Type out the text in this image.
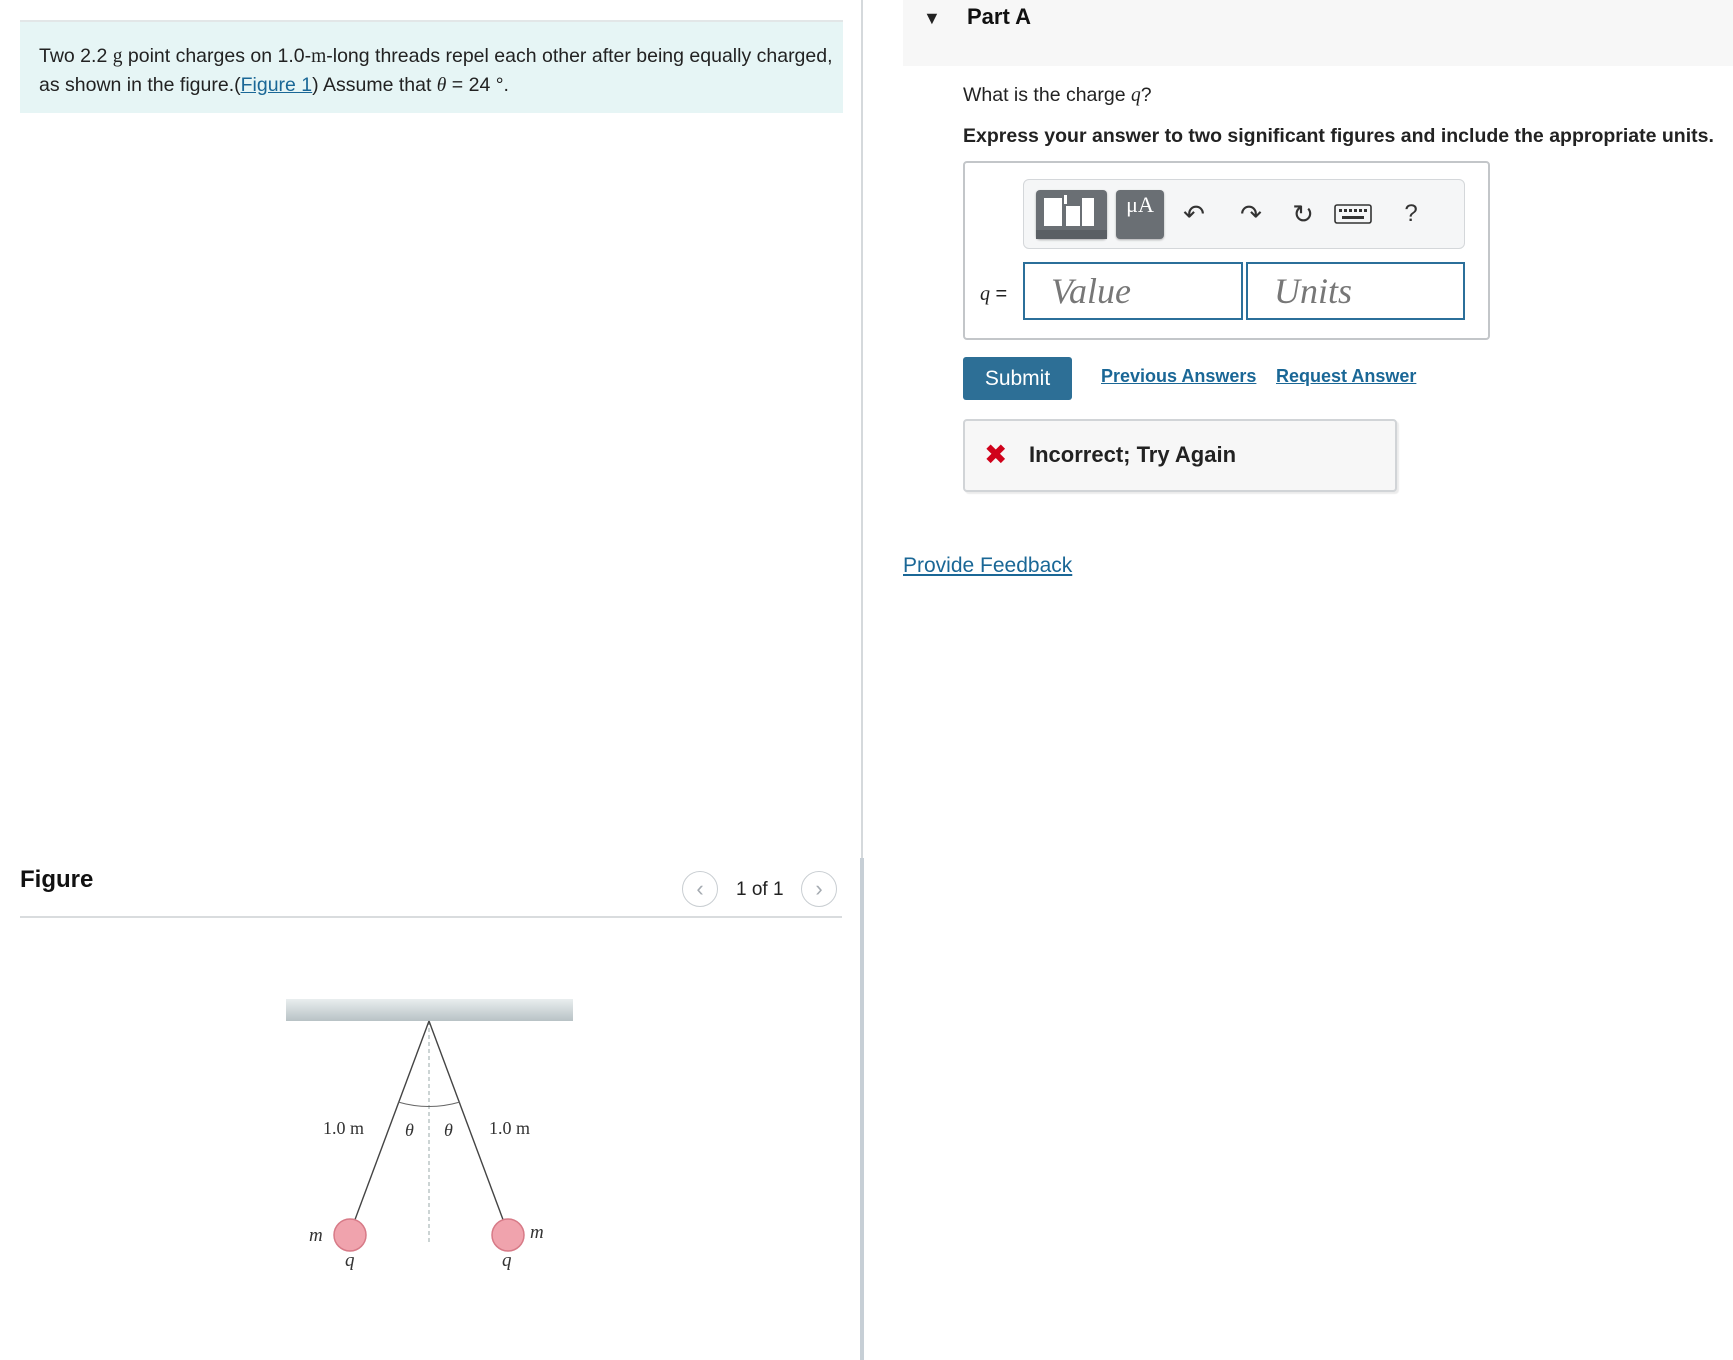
Two 2.2 g point charges on 1.0-m-long threads repel each other after being equally charged, as shown in the figure.(Figure 1) Assume that θ = 24 °.
Figure	‹ 1 of 1 ›
1.0 m	1.0 m
θ θ
m	m
q	q
▼ Part A
What is the charge q?
Express your answer to two significant figures and include the appropriate units.
μA	↶	↷	↻	?
q =
Value
Units
Submit	Previous Answers Request Answer
✖ Incorrect; Try Again
Provide Feedback
